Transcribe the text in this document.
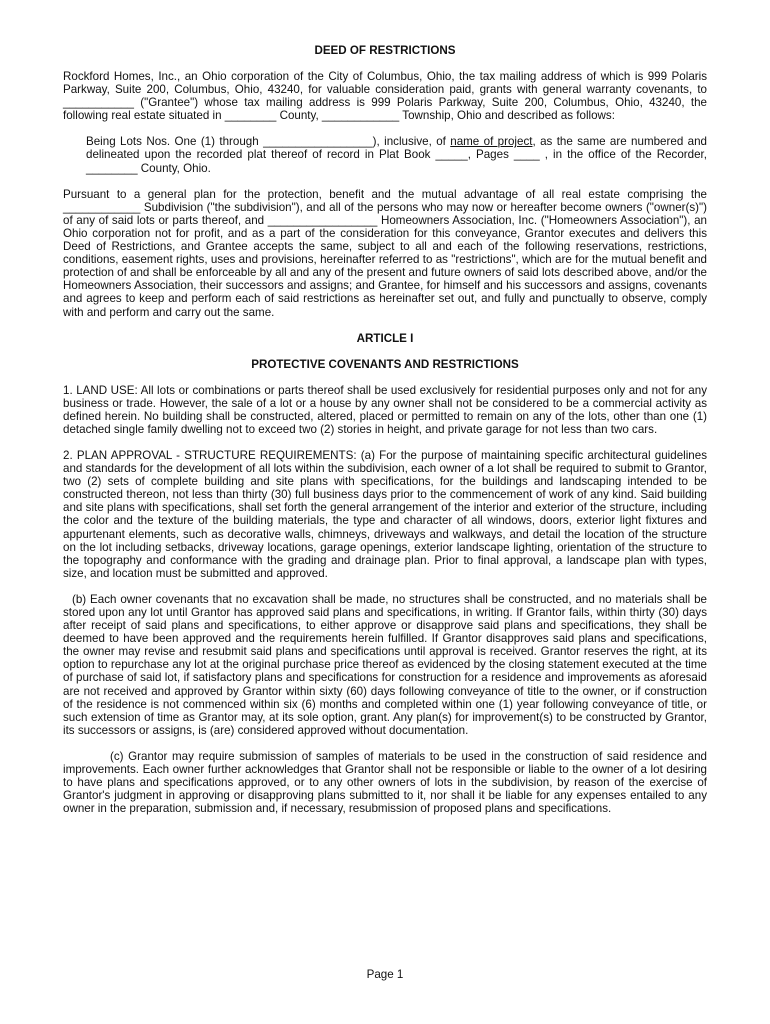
DEED OF RESTRICTIONS

Rockford Homes, Inc., an Ohio corporation of the City of Columbus, Ohio, the tax mailing address of which is 999 Polaris Parkway, Suite 200, Columbus, Ohio, 43240, for valuable consideration paid, grants with general warranty covenants, to ___________ ("Grantee") whose tax mailing address is 999 Polaris Parkway, Suite 200, Columbus, Ohio, 43240, the following real estate situated in ________ County, ____________ Township, Ohio and described as follows:

Being Lots Nos. One (1) through _________________), inclusive, of name of project, as the same are numbered and delineated upon the recorded plat thereof of record in Plat Book _____, Pages ____ , in the office of the Recorder, ________ County, Ohio.

Pursuant to a general plan for the protection, benefit and the mutual advantage of all real estate comprising the ____________ Subdivision ("the subdivision"), and all of the persons who may now or hereafter become owners ("owner(s)") of any of said lots or parts thereof, and _________________ Homeowners Association, Inc. ("Homeowners Association"), an Ohio corporation not for profit, and as a part of the consideration for this conveyance, Grantor executes and delivers this Deed of Restrictions, and Grantee accepts the same, subject to all and each of the following reservations, restrictions, conditions, easement rights, uses and provisions, hereinafter referred to as "restrictions", which are for the mutual benefit and protection of and shall be enforceable by all and any of the present and future owners of said lots described above, and/or the Homeowners Association, their successors and assigns; and Grantee, for himself and his successors and assigns, covenants and agrees to keep and perform each of said restrictions as hereinafter set out, and fully and punctually to observe, comply with and perform and carry out the same.

ARTICLE I

PROTECTIVE COVENANTS AND RESTRICTIONS

1. LAND USE: All lots or combinations or parts thereof shall be used exclusively for residential purposes only and not for any business or trade. However, the sale of a lot or a house by any owner shall not be considered to be a commercial activity as defined herein. No building shall be constructed, altered, placed or permitted to remain on any of the lots, other than one (1) detached single family dwelling not to exceed two (2) stories in height, and private garage for not less than two cars.

2. PLAN APPROVAL - STRUCTURE REQUIREMENTS: (a) For the purpose of maintaining specific architectural guidelines and standards for the development of all lots within the subdivision, each owner of a lot shall be required to submit to Grantor, two (2) sets of complete building and site plans with specifications, for the buildings and landscaping intended to be constructed thereon, not less than thirty (30) full business days prior to the commencement of work of any kind. Said building and site plans with specifications, shall set forth the general arrangement of the interior and exterior of the structure, including the color and the texture of the building materials, the type and character of all windows, doors, exterior light fixtures and appurtenant elements, such as decorative walls, chimneys, driveways and walkways, and detail the location of the structure on the lot including setbacks, driveway locations, garage openings, exterior landscape lighting, orientation of the structure to the topography and conformance with the grading and drainage plan. Prior to final approval, a landscape plan with types, size, and location must be submitted and approved.

(b) Each owner covenants that no excavation shall be made, no structures shall be constructed, and no materials shall be stored upon any lot until Grantor has approved said plans and specifications, in writing. If Grantor fails, within thirty (30) days after receipt of said plans and specifications, to either approve or disapprove said plans and specifications, they shall be deemed to have been approved and the requirements herein fulfilled. If Grantor disapproves said plans and specifications, the owner may revise and resubmit said plans and specifications until approval is received. Grantor reserves the right, at its option to repurchase any lot at the original purchase price thereof as evidenced by the closing statement executed at the time of purchase of said lot, if satisfactory plans and specifications for construction for a residence and improvements as aforesaid are not received and approved by Grantor within sixty (60) days following conveyance of title to the owner, or if construction of the residence is not commenced within six (6) months and completed within one (1) year following conveyance of title, or such extension of time as Grantor may, at its sole option, grant. Any plan(s) for improvement(s) to be constructed by Grantor, its successors or assigns, is (are) considered approved without documentation.

(c) Grantor may require submission of samples of materials to be used in the construction of said residence and improvements. Each owner further acknowledges that Grantor shall not be responsible or liable to the owner of a lot desiring to have plans and specifications approved, or to any other owners of lots in the subdivision, by reason of the exercise of Grantor's judgment in approving or disapproving plans submitted to it, nor shall it be liable for any expenses entailed to any owner in the preparation, submission and, if necessary, resubmission of proposed plans and specifications.

Page 1
